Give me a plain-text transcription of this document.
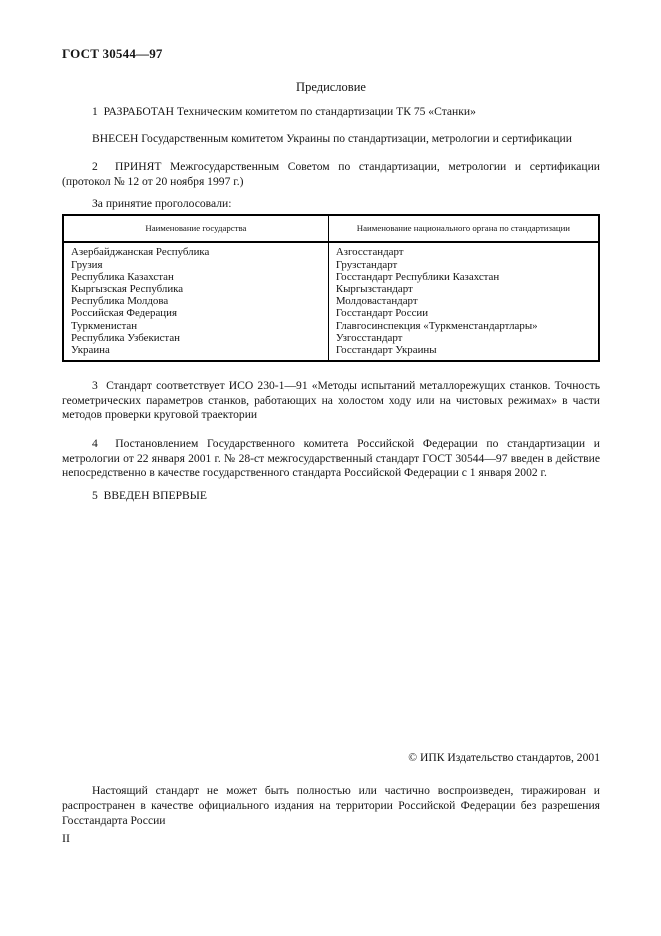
ГОСТ 30544—97
Предисловие

1  РАЗРАБОТАН Техническим комитетом по стандартизации ТК 75 «Станки»

ВНЕСЕН Государственным комитетом Украины по стандартизации, метрологии и сертификации

2  ПРИНЯТ Межгосударственным Советом по стандартизации, метрологии и сертификации (протокол № 12 от 20 ноября 1997 г.)

За принятие проголосовали:

Наименование государства	Наименование национального органа по стандартизации
Азербайджанская Республика	Азгосстандарт
Грузия	Грузстандарт
Республика Казахстан	Госстандарт Республики Казахстан
Кыргызская Республика	Кыргызстандарт
Республика Молдова	Молдовастандарт
Российская Федерация	Госстандарт России
Туркменистан	Главгосинспекция «Туркменстандартлары»
Республика Узбекистан	Узгосстандарт
Украина	Госстандарт Украины

3  Стандарт соответствует ИСО 230-1—91 «Методы испытаний металлорежущих станков. Точность геометрических параметров станков, работающих на холостом ходу или на чистовых режимах» в части методов проверки круговой траектории

4  Постановлением Государственного комитета Российской Федерации по стандартизации и метрологии от 22 января 2001 г. № 28-ст межгосударственный стандарт ГОСТ 30544—97 введен в действие непосредственно в качестве государственного стандарта Российской Федерации с 1 января 2002 г.

5  ВВЕДЕН ВПЕРВЫЕ

© ИПК Издательство стандартов, 2001

Настоящий стандарт не может быть полностью или частично воспроизведен, тиражирован и распространен в качестве официального издания на территории Российской Федерации без разрешения Госстандарта России

II
